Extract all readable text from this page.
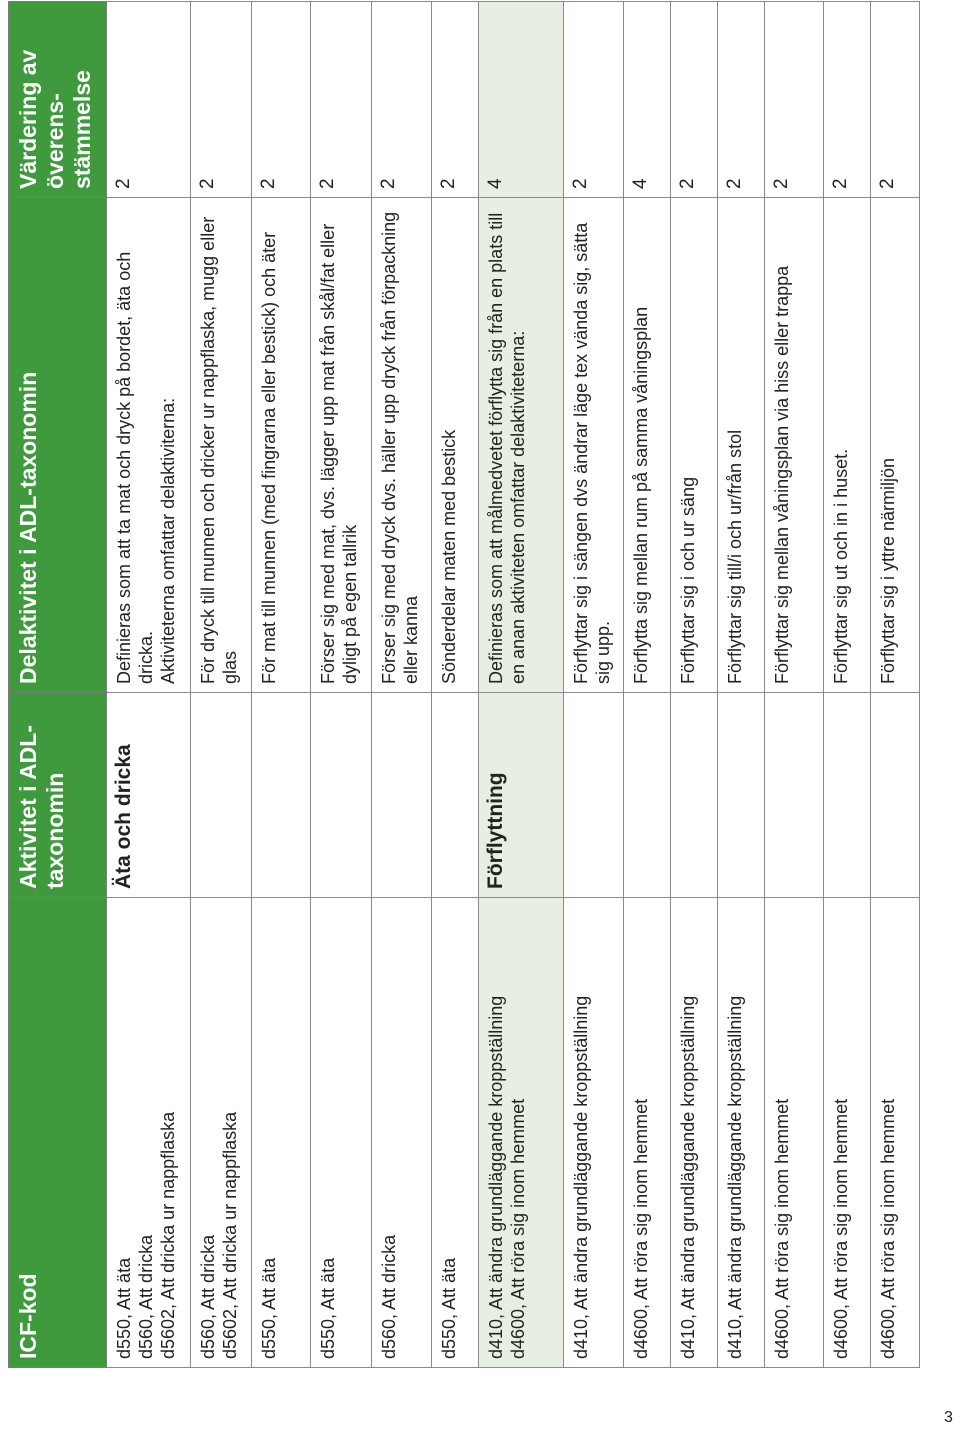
ICF-kod	Aktivitet i ADL-taxonomin	Delaktivitet i ADL-taxonomin	Värdering av överens-stämmelse

d550, Att äta d560, Att dricka d5602, Att dricka ur nappflaska	Äta och dricka	Definieras som att ta mat och dryck på bordet, äta och dricka. Aktiviteterna omfattar delaktiviterna:	2

d560, Att dricka d5602, Att dricka ur nappflaska		För dryck till munnen och dricker ur nappflaska, mugg eller glas	2

d550, Att äta		För mat till munnen (med fingrarna eller bestick) och äter	2

d550, Att äta		Förser sig med mat, dvs. lägger upp mat från skål/fat eller dyligt på egen tallrik	2

d560, Att dricka		Förser sig med dryck dvs. häller upp dryck från förpackning eller kanna	2

d550, Att äta		Sönderdelar maten med bestick	2

d410, Att ändra grundläggande kroppställning d4600, Att röra sig inom hemmet	Förflyttning	Definieras som att målmedvetet förflytta sig från en plats till en anan aktiviteten omfattar delaktiviteterna:	4

d410, Att ändra grundläggande kroppställning		Förflyttar sig i sängen dvs ändrar läge tex vända sig, sätta sig upp.	2

d4600, Att röra sig inom hemmet		Förflytta sig mellan rum på samma våningsplan	4

d410, Att ändra grundläggande kroppställning		Förflyttar sig i och ur säng	2

d410, Att ändra grundläggande kroppställning		Förflyttar sig till/i och ur/från stol	2

d4600, Att röra sig inom hemmet		Förflyttar sig mellan våningsplan via hiss eller trappa	2

d4600, Att röra sig inom hemmet		Förflyttar sig ut och in i huset.	2

d4600, Att röra sig inom hemmet		Förflyttar sig i yttre närmiljön	2
3
